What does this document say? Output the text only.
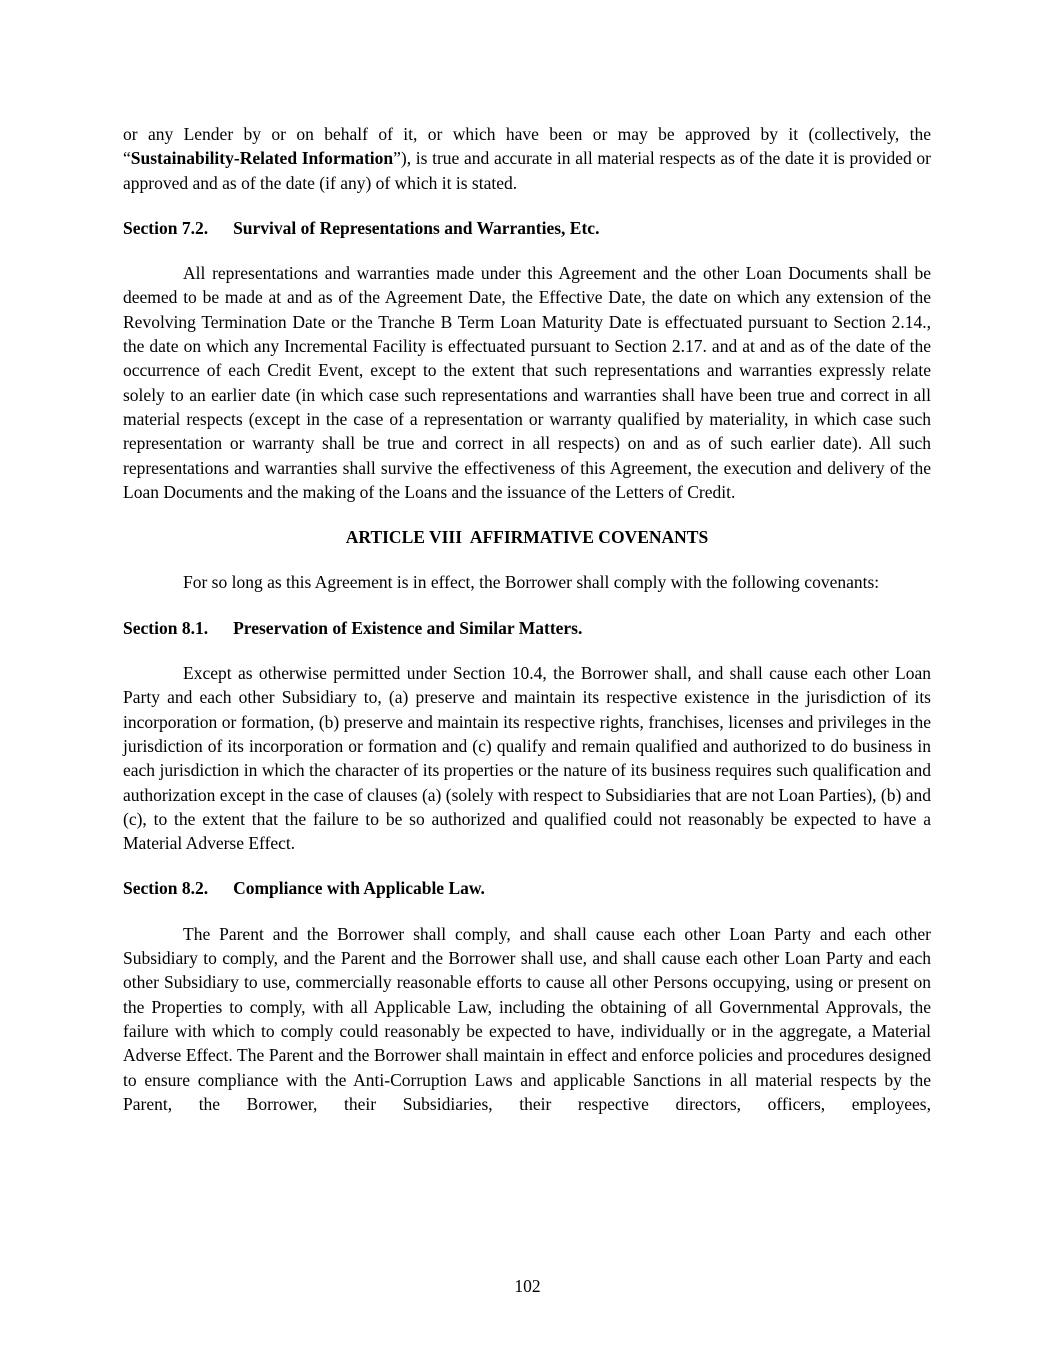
or any Lender by or on behalf of it, or which have been or may be approved by it (collectively, the “Sustainability-Related Information”), is true and accurate in all material respects as of the date it is provided or approved and as of the date (if any) of which it is stated.

Section 7.2. Survival of Representations and Warranties, Etc.

All representations and warranties made under this Agreement and the other Loan Documents shall be deemed to be made at and as of the Agreement Date, the Effective Date, the date on which any extension of the Revolving Termination Date or the Tranche B Term Loan Maturity Date is effectuated pursuant to Section 2.14., the date on which any Incremental Facility is effectuated pursuant to Section 2.17. and at and as of the date of the occurrence of each Credit Event, except to the extent that such representations and warranties expressly relate solely to an earlier date (in which case such representations and warranties shall have been true and correct in all material respects (except in the case of a representation or warranty qualified by materiality, in which case such representation or warranty shall be true and correct in all respects) on and as of such earlier date). All such representations and warranties shall survive the effectiveness of this Agreement, the execution and delivery of the Loan Documents and the making of the Loans and the issuance of the Letters of Credit.

ARTICLE VIII  AFFIRMATIVE COVENANTS

For so long as this Agreement is in effect, the Borrower shall comply with the following covenants:

Section 8.1. Preservation of Existence and Similar Matters.

Except as otherwise permitted under Section 10.4, the Borrower shall, and shall cause each other Loan Party and each other Subsidiary to, (a) preserve and maintain its respective existence in the jurisdiction of its incorporation or formation, (b) preserve and maintain its respective rights, franchises, licenses and privileges in the jurisdiction of its incorporation or formation and (c) qualify and remain qualified and authorized to do business in each jurisdiction in which the character of its properties or the nature of its business requires such qualification and authorization except in the case of clauses (a) (solely with respect to Subsidiaries that are not Loan Parties), (b) and (c), to the extent that the failure to be so authorized and qualified could not reasonably be expected to have a Material Adverse Effect.

Section 8.2. Compliance with Applicable Law.

The Parent and the Borrower shall comply, and shall cause each other Loan Party and each other Subsidiary to comply, and the Parent and the Borrower shall use, and shall cause each other Loan Party and each other Subsidiary to use, commercially reasonable efforts to cause all other Persons occupying, using or present on the Properties to comply, with all Applicable Law, including the obtaining of all Governmental Approvals, the failure with which to comply could reasonably be expected to have, individually or in the aggregate, a Material Adverse Effect. The Parent and the Borrower shall maintain in effect and enforce policies and procedures designed to ensure compliance with the Anti-Corruption Laws and applicable Sanctions in all material respects by the Parent, the Borrower, their Subsidiaries, their respective directors, officers, employees,

102
